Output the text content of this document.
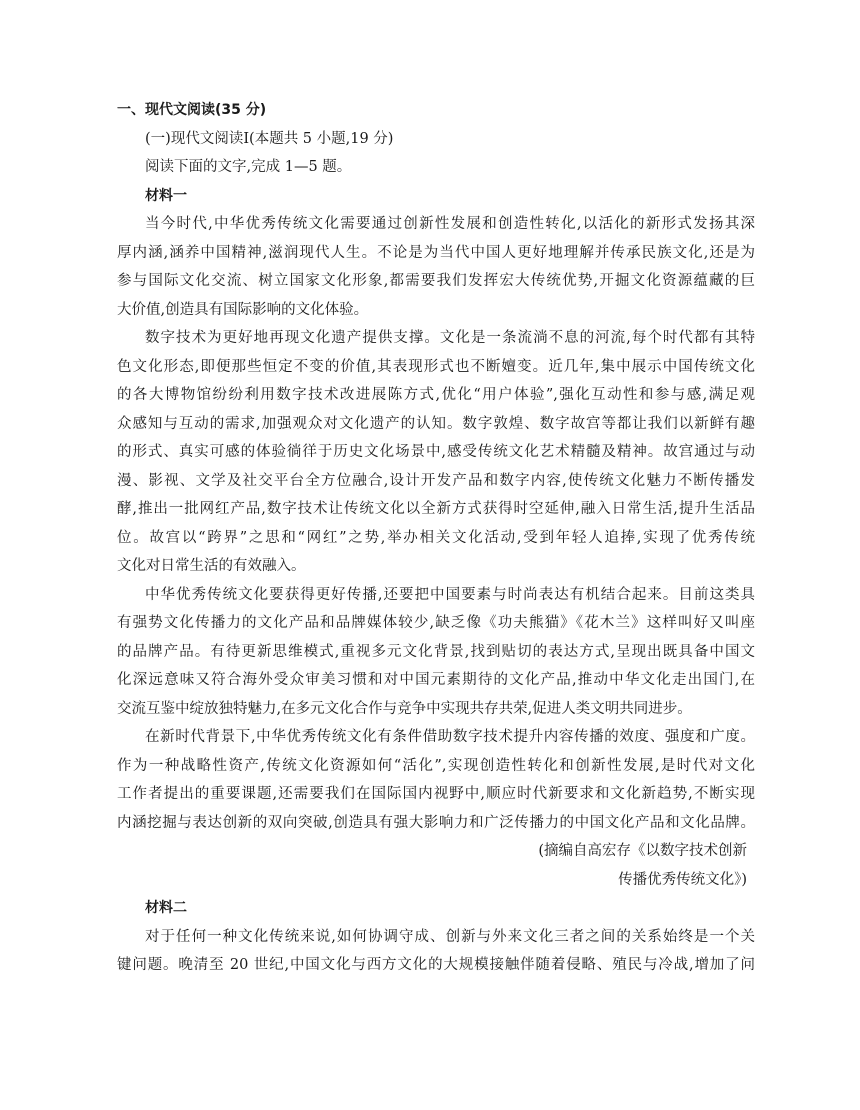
一、现代文阅读(35 分)
(一)现代文阅读Ⅰ(本题共 5 小题,19 分)
阅读下面的文字,完成 1—5 题。
材料一
当今时代,中华优秀传统文化需要通过创新性发展和创造性转化,以活化的新形式发扬其深
厚内涵,涵养中国精神,滋润现代人生。不论是为当代中国人更好地理解并传承民族文化,还是为
参与国际文化交流、树立国家文化形象,都需要我们发挥宏大传统优势,开掘文化资源蕴藏的巨
大价值,创造具有国际影响的文化体验。
数字技术为更好地再现文化遗产提供支撑。文化是一条流淌不息的河流,每个时代都有其特
色文化形态,即便那些恒定不变的价值,其表现形式也不断嬗变。近几年,集中展示中国传统文化
的各大博物馆纷纷利用数字技术改进展陈方式,优化“用户体验”,强化互动性和参与感,满足观
众感知与互动的需求,加强观众对文化遗产的认知。数字敦煌、数字故宫等都让我们以新鲜有趣
的形式、真实可感的体验徜徉于历史文化场景中,感受传统文化艺术精髓及精神。故宫通过与动
漫、影视、文学及社交平台全方位融合,设计开发产品和数字内容,使传统文化魅力不断传播发
酵,推出一批网红产品,数字技术让传统文化以全新方式获得时空延伸,融入日常生活,提升生活品
位。故宫以“跨界”之思和“网红”之势,举办相关文化活动,受到年轻人追捧,实现了优秀传统
文化对日常生活的有效融入。
中华优秀传统文化要获得更好传播,还要把中国要素与时尚表达有机结合起来。目前这类具
有强势文化传播力的文化产品和品牌媒体较少,缺乏像《功夫熊猫》《花木兰》这样叫好又叫座
的品牌产品。有待更新思维模式,重视多元文化背景,找到贴切的表达方式,呈现出既具备中国文
化深远意味又符合海外受众审美习惯和对中国元素期待的文化产品,推动中华文化走出国门,在
交流互鉴中绽放独特魅力,在多元文化合作与竞争中实现共存共荣,促进人类文明共同进步。
在新时代背景下,中华优秀传统文化有条件借助数字技术提升内容传播的效度、强度和广度。
作为一种战略性资产,传统文化资源如何“活化”,实现创造性转化和创新性发展,是时代对文化
工作者提出的重要课题,还需要我们在国际国内视野中,顺应时代新要求和文化新趋势,不断实现
内涵挖掘与表达创新的双向突破,创造具有强大影响力和广泛传播力的中国文化产品和文化品牌。
(摘编自高宏存《以数字技术创新
传播优秀传统文化》)
材料二
对于任何一种文化传统来说,如何协调守成、创新与外来文化三者之间的关系始终是一个关
键问题。晚清至 20 世纪,中国文化与西方文化的大规模接触伴随着侵略、殖民与冷战,增加了问
